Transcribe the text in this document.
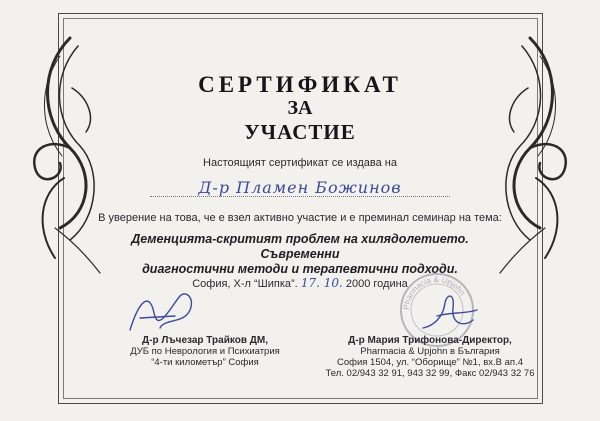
СЕРТИФИКАТ
ЗА
УЧАСТИЕ
Настоящият сертификат се издава на
Д-р Пламен Божинов
В уверение на това, че е взел активно участие и е преминал семинар на тема:
Деменцията-скритият проблем на хилядолетието. Съвременни
диагностични методи и терапевтични подходи.
София, Х-л “Шипка”. 17. 10. 2000 година
Pharmacia & Upjohn
Д-р Лъчезар Трайков ДМ,
ДУБ по Неврология и Психиатрия
“4-ти километър” София
Д-р Мария Трифонова-Директор,
Pharmacia & Upjohn в България
София 1504, ул. “Оборище” №1, вх.В ап.4
Тел. 02/943 32 91, 943 32 99, Факс 02/943 32 76
